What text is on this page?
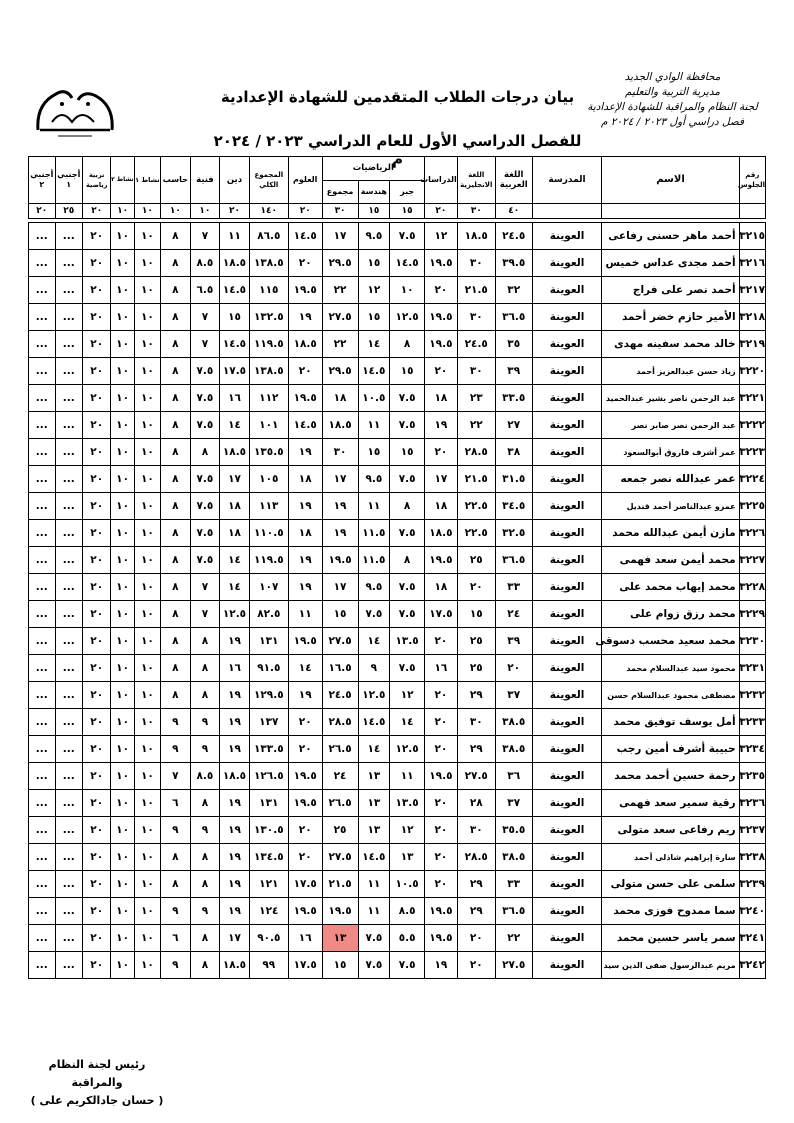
محافظة الوادي الجديد
مديرية التربية والتعليم
لجنة النظام والمراقبة للشهادة الإعدادية
فصل دراسي أول ٢٠٢٣ / ٢٠٢٤ م
بيان درجات الطلاب المتقدمين للشهادة الإعدادية
للفصل الدراسي الأول للعام الدراسي ٢٠٢٣ / ٢٠٢٤ م
رقم الجلوس	الاسم	المدرسة	اللغة العربية	اللغة الانجليزية	الدراسات	الرياضيات			العلوم	المجموع الكلي	دين	فنية	حاسب	نشاط ١	نشاط ٢	تربية رياضية	أجنبي ١	أجنبي ٢
						جبر	هندسة	مجموع										
			٤٠	٣٠	٢٠	١٥	١٥	٣٠	٢٠	١٤٠	٢٠	١٠	١٠	١٠	١٠	٢٠	٢٥	٢٠

٣٢١٥	أحمد ماهر حسنى رفاعى	العوينة	٢٤.٥	١٨.٥	١٢	٧.٥	٩.٥	١٧	١٤.٥	٨٦.٥	١١	٧	٨	١٠	١٠	٢٠	...	...
٣٢١٦	أحمد مجدى عداس خميس	العوينة	٣٩.٥	٣٠	١٩.٥	١٤.٥	١٥	٢٩.٥	٢٠	١٣٨.٥	١٨.٥	٨.٥	٨	١٠	١٠	٢٠	...	...
٣٢١٧	أحمد نصر على فراج	العوينة	٣٢	٢١.٥	٢٠	١٠	١٢	٢٢	١٩.٥	١١٥	١٤.٥	٦.٥	٨	١٠	١٠	٢٠	...	...
٣٢١٨	الأمير حازم خضر أحمد	العوينة	٣٦.٥	٣٠	١٩.٥	١٢.٥	١٥	٢٧.٥	١٩	١٣٢.٥	١٥	٧	٨	١٠	١٠	٢٠	...	...
٣٢١٩	خالد محمد سفينه مهدى	العوينة	٣٥	٢٤.٥	١٩.٥	٨	١٤	٢٢	١٨.٥	١١٩.٥	١٤.٥	٧	٨	١٠	١٠	٢٠	...	...
٣٢٢٠	زياد حسن عبدالعزيز أحمد	العوينة	٣٩	٣٠	٢٠	١٥	١٤.٥	٢٩.٥	٢٠	١٣٨.٥	١٧.٥	٧.٥	٨	١٠	١٠	٢٠	...	...
٣٢٢١	عبد الرحمن ناصر بشير عبدالحميد	العوينة	٣٣.٥	٢٣	١٨	٧.٥	١٠.٥	١٨	١٩.٥	١١٢	١٦	٧.٥	٨	١٠	١٠	٢٠	...	...
٣٢٢٢	عبد الرحمن نصر صابر نصر	العوينة	٢٧	٢٢	١٩	٧.٥	١١	١٨.٥	١٤.٥	١٠١	١٤	٧.٥	٨	١٠	١٠	٢٠	...	...
٣٢٢٣	عمر أشرف فاروق أبوالسعود	العوينة	٣٨	٢٨.٥	٢٠	١٥	١٥	٣٠	١٩	١٣٥.٥	١٨.٥	٨	٨	١٠	١٠	٢٠	...	...
٣٢٢٤	عمر عبدالله نصر جمعه	العوينة	٣١.٥	٢١.٥	١٧	٧.٥	٩.٥	١٧	١٨	١٠٥	١٧	٧.٥	٨	١٠	١٠	٢٠	...	...
٣٢٢٥	عمرو عبدالناصر أحمد قنديل	العوينة	٣٤.٥	٢٢.٥	١٨	٨	١١	١٩	١٩	١١٣	١٨	٧.٥	٨	١٠	١٠	٢٠	...	...
٣٢٢٦	مازن أيمن عبدالله محمد	العوينة	٣٢.٥	٢٢.٥	١٨.٥	٧.٥	١١.٥	١٩	١٨	١١٠.٥	١٨	٧.٥	٨	١٠	١٠	٢٠	...	...
٣٢٢٧	محمد أيمن سعد فهمى	العوينة	٣٦.٥	٢٥	١٩.٥	٨	١١.٥	١٩.٥	١٩	١١٩.٥	١٤	٧.٥	٨	١٠	١٠	٢٠	...	...
٣٢٢٨	محمد إيهاب محمد على	العوينة	٣٣	٢٠	١٨	٧.٥	٩.٥	١٧	١٩	١٠٧	١٤	٧	٨	١٠	١٠	٢٠	...	...
٣٢٢٩	محمد رزق زوام على	العوينة	٢٤	١٥	١٧.٥	٧.٥	٧.٥	١٥	١١	٨٢.٥	١٢.٥	٧	٨	١٠	١٠	٢٠	...	...
٣٢٣٠	محمد سعيد محسب دسوقى	العوينة	٣٩	٢٥	٢٠	١٣.٥	١٤	٢٧.٥	١٩.٥	١٣١	١٩	٨	٨	١٠	١٠	٢٠	...	...
٣٢٣١	محمود سيد عبدالسلام محمد	العوينة	٢٠	٢٥	١٦	٧.٥	٩	١٦.٥	١٤	٩١.٥	١٦	٨	٨	١٠	١٠	٢٠	...	...
٣٢٣٢	مصطفى محمود عبدالسلام حسن	العوينة	٣٧	٢٩	٢٠	١٢	١٢.٥	٢٤.٥	١٩	١٢٩.٥	١٩	٨	٨	١٠	١٠	٢٠	...	...
٣٢٣٣	أمل يوسف توفيق محمد	العوينة	٣٨.٥	٣٠	٢٠	١٤	١٤.٥	٢٨.٥	٢٠	١٣٧	١٩	٩	٩	١٠	١٠	٢٠	...	...
٣٢٣٤	حبيبة أشرف أمين رجب	العوينة	٣٨.٥	٢٩	٢٠	١٢.٥	١٤	٢٦.٥	٢٠	١٣٣.٥	١٩	٩	٩	١٠	١٠	٢٠	...	...
٣٢٣٥	رحمة حسين أحمد محمد	العوينة	٣٦	٢٧.٥	١٩.٥	١١	١٣	٢٤	١٩.٥	١٢٦.٥	١٨.٥	٨.٥	٧	١٠	١٠	٢٠	...	...
٣٢٣٦	رقية سمير سعد فهمى	العوينة	٣٧	٢٨	٢٠	١٣.٥	١٣	٢٦.٥	١٩.٥	١٣١	١٩	٨	٦	١٠	١٠	٢٠	...	...
٣٢٣٧	ريم رفاعى سعد متولى	العوينة	٣٥.٥	٣٠	٢٠	١٢	١٣	٢٥	٢٠	١٣٠.٥	١٩	٩	٩	١٠	١٠	٢٠	...	...
٣٢٣٨	سارة إبراهيم شاذلى أحمد	العوينة	٣٨.٥	٢٨.٥	٢٠	١٣	١٤.٥	٢٧.٥	٢٠	١٣٤.٥	١٩	٨	٨	١٠	١٠	٢٠	...	...
٣٢٣٩	سلمى على حسن متولى	العوينة	٣٣	٢٩	٢٠	١٠.٥	١١	٢١.٥	١٧.٥	١٢١	١٩	٨	٨	١٠	١٠	٢٠	...	...
٣٢٤٠	سما ممدوح فوزى محمد	العوينة	٣٦.٥	٢٩	١٩.٥	٨.٥	١١	١٩.٥	١٩.٥	١٢٤	١٩	٩	٩	١٠	١٠	٢٠	...	...
٣٢٤١	سمر ياسر حسين محمد	العوينة	٢٢	٢٠	١٩.٥	٥.٥	٧.٥	١٣	١٦	٩٠.٥	١٧	٨	٦	١٠	١٠	٢٠	...	...
٣٢٤٢	مريم عبدالرسول صفى الدين سيد	العوينة	٢٧.٥	٢٠	١٩	٧.٥	٧.٥	١٥	١٧.٥	٩٩	١٨.٥	٨	٩	١٠	١٠	٢٠	...	...
رئيس لجنة النظام والمراقبة
( حسان جادالكريم على )
